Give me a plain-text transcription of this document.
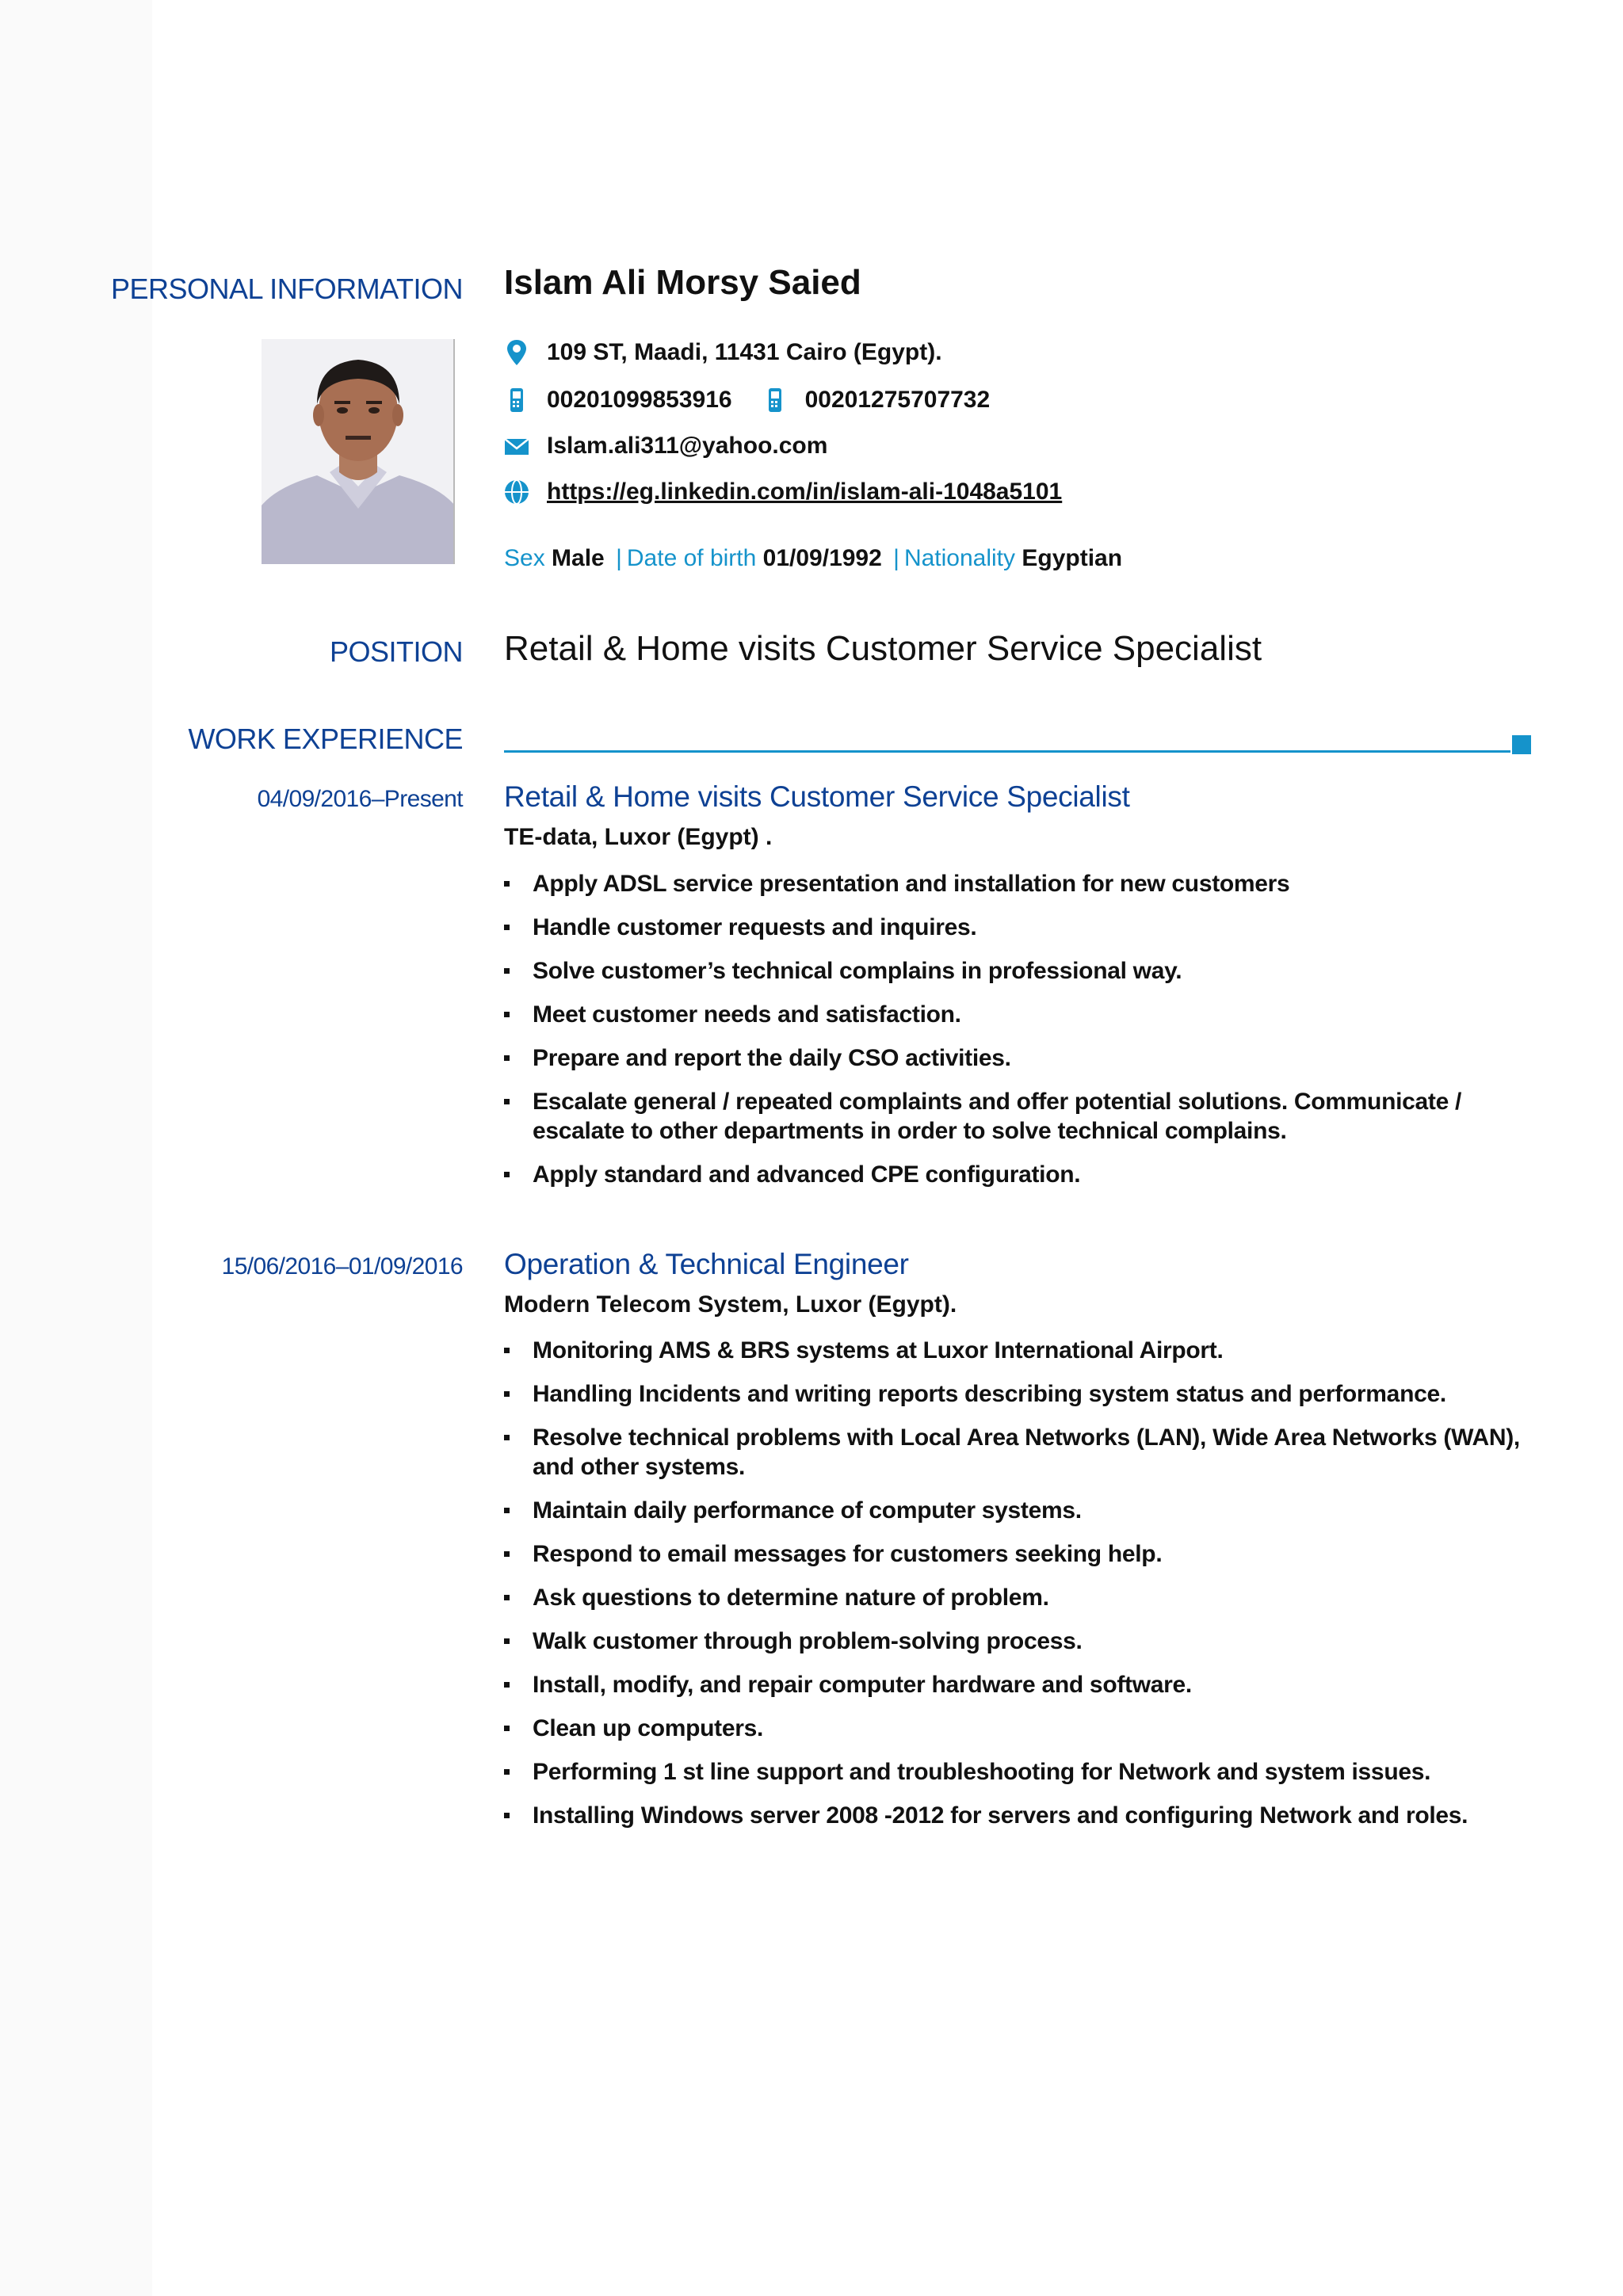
PERSONAL INFORMATION Islam Ali Morsy Saied
109 ST, Maadi, 11431 Cairo (Egypt).
00201099853916	00201275707732
Islam.ali311@yahoo.com
https://eg.linkedin.com/in/islam-ali-1048a5101
Sex Male | Date of birth 01/09/1992 | Nationality Egyptian
POSITION Retail & Home visits Customer Service Specialist
WORK EXPERIENCE
04/09/2016–Present Retail & Home visits Customer Service Specialist
TE-data, Luxor (Egypt) .
Apply ADSL service presentation and installation for new customers
Handle customer requests and inquires.
Solve customer’s technical complains in professional way.
Meet customer needs and satisfaction.
Prepare and report the daily CSO activities.
Escalate general / repeated complaints and offer potential solutions. Communicate / escalate to other departments in order to solve technical complains.
Apply standard and advanced CPE configuration.
15/06/2016–01/09/2016 Operation & Technical Engineer
Modern Telecom System, Luxor (Egypt).
Monitoring AMS & BRS systems at Luxor International Airport.
Handling Incidents and writing reports describing system status and performance.
Resolve technical problems with Local Area Networks (LAN), Wide Area Networks (WAN), and other systems.
Maintain daily performance of computer systems.
Respond to email messages for customers seeking help.
Ask questions to determine nature of problem.
Walk customer through problem-solving process.
Install, modify, and repair computer hardware and software.
Clean up computers.
Performing 1 st line support and troubleshooting for Network and system issues.
Installing Windows server 2008 -2012 for servers and configuring Network and roles.
